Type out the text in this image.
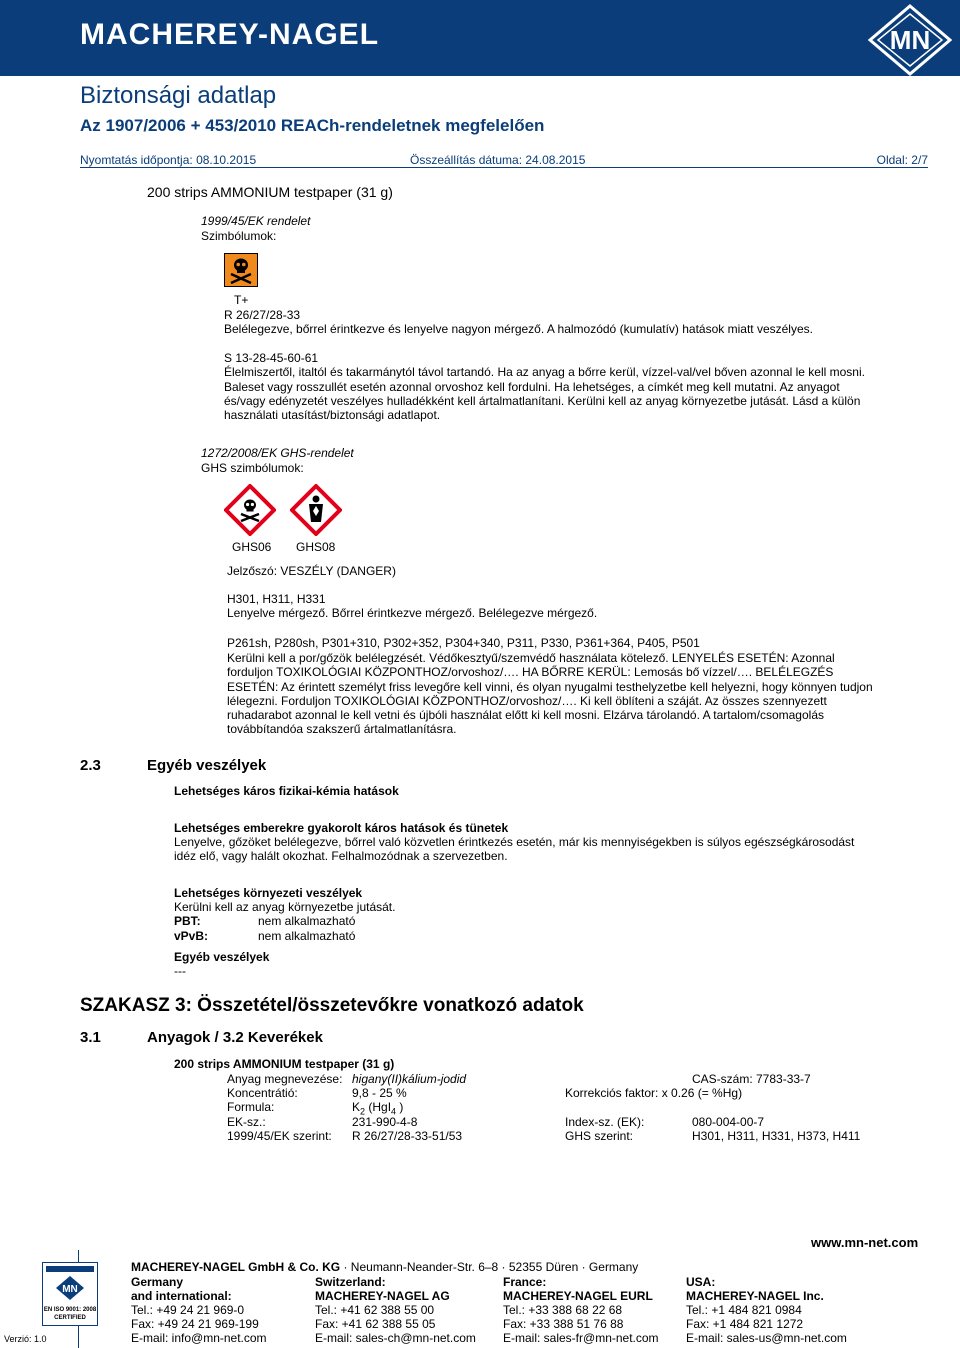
MACHEREY-NAGEL	MN
Biztonsági adatlap
Az 1907/2006 + 453/2010 REACh-rendeletnek megfelelően
Nyomtatás időpontja: 08.10.2015	Összeállítás dátuma: 24.08.2015	Oldal: 2/7
200 strips AMMONIUM testpaper (31 g)
1999/45/EK rendelet
Szimbólumok:
T+
R 26/27/28-33
Belélegezve, bőrrel érintkezve és lenyelve nagyon mérgező. A halmozódó (kumulatív) hatások miatt veszélyes.
S 13-28-45-60-61
Élelmiszertől, italtól és takarmánytól távol tartandó. Ha az anyag a bőrre kerül, vízzel-val/vel bőven azonnal le kell mosni.
Baleset vagy rosszullét esetén azonnal orvoshoz kell fordulni. Ha lehetséges, a címkét meg kell mutatni. Az anyagot
és/vagy edényzetét veszélyes hulladékként kell ártalmatlanítani. Kerülni kell az anyag környezetbe jutását. Lásd a külön
használati utasítást/biztonsági adatlapot.
1272/2008/EK GHS-rendelet
GHS szimbólumok:
GHS06 GHS08
Jelzőszó: VESZÉLY (DANGER)
H301, H311, H331
Lenyelve mérgező. Bőrrel érintkezve mérgező. Belélegezve mérgező.
P261sh, P280sh, P301+310, P302+352, P304+340, P311, P330, P361+364, P405, P501
Kerülni kell a por/gőzök belélegzését. Védőkesztyű/szemvédő használata kötelező. LENYELÉS ESETÉN: Azonnal
forduljon TOXIKOLÓGIAI KÖZPONTHOZ/orvoshoz/…. HA BŐRRE KERÜL: Lemosás bő vízzel/…. BELÉLEGZÉS
ESETÉN: Az érintett személyt friss levegőre kell vinni, és olyan nyugalmi testhelyzetbe kell helyezni, hogy könnyen tudjon
lélegezni. Forduljon TOXIKOLÓGIAI KÖZPONTHOZ/orvoshoz/…. Ki kell öblíteni a száját. Az összes szennyezett
ruhadarabot azonnal le kell vetni és újbóli használat előtt ki kell mosni. Elzárva tárolandó. A tartalom/csomagolás
továbbítandóa szakszerű ártalmatlanításra.
2.3	Egyéb veszélyek
Lehetséges káros fizikai-kémia hatások
Lehetséges emberekre gyakorolt káros hatások és tünetek
Lenyelve, gőzöket belélegezve, bőrrel való közvetlen érintkezés esetén, már kis mennyiségekben is súlyos egészségkárosodást
idéz elő, vagy halált okozhat. Felhalmozódnak a szervezetben.
Lehetséges környezeti veszélyek
Kerülni kell az anyag környezetbe jutását.
PBT:	nem alkalmazható
vPvB:	nem alkalmazható
Egyéb veszélyek
---
SZAKASZ 3: Összetétel/összetevőkre vonatkozó adatok
3.1	Anyagok / 3.2 Keverékek
200 strips AMMONIUM testpaper (31 g)
Anyag megnevezése: higany(II)kálium-jodid	CAS-szám: 7783-33-7
Koncentrátió:	9,8 - 25 %	Korrekciós faktor: x 0.26 (= %Hg)
Formula:	$K_2$ (HgI$_4$ )
EK-sz.:	231-990-4-8	Index-sz. (EK):	080-004-00-7
1999/45/EK szerint: R 26/27/28-33-51/53	GHS szerint:	H301, H311, H331, H373, H411
www.mn-net.com
MN
EN ISO 9001: 2008
CERTIFIED
Verzió: 1.0
MACHEREY-NAGEL GmbH & Co. KG · Neumann-Neander-Str. 6–8 · 52355 Düren · Germany
Germany
and international:
Tel.: +49 24 21 969-0
Fax: +49 24 21 969-199
E-mail: info@mn-net.com
Switzerland:
MACHEREY-NAGEL AG
Tel.: +41 62 388 55 00
Fax: +41 62 388 55 05
E-mail: sales-ch@mn-net.com
France:
MACHEREY-NAGEL EURL
Tel.: +33 388 68 22 68
Fax: +33 388 51 76 88
E-mail: sales-fr@mn-net.com
USA:
MACHEREY-NAGEL Inc.
Tel.: +1 484 821 0984
Fax: +1 484 821 1272
E-mail: sales-us@mn-net.com
